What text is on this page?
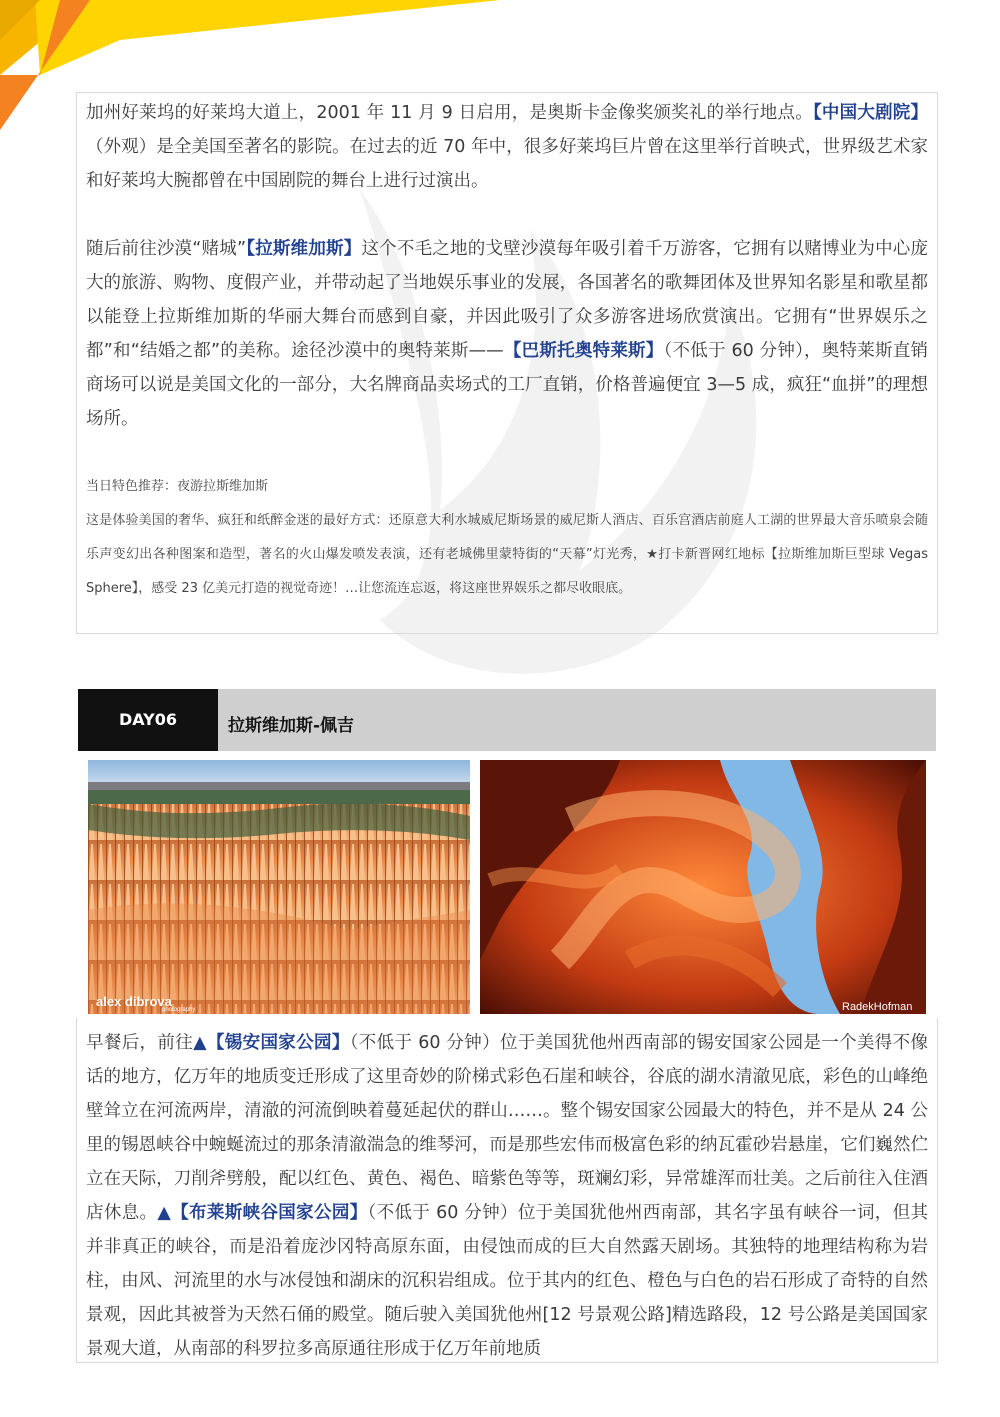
加州好莱坞的好莱坞大道上，2001 年 11 月 9 日启用，是奥斯卡金像奖颁奖礼的举行地点。【中国大剧院】（外观）是全美国至著名的影院。在过去的近 70 年中，很多好莱坞巨片曾在这里举行首映式，世界级艺术家和好莱坞大腕都曾在中国剧院的舞台上进行过演出。

随后前往沙漠“赌城”【拉斯维加斯】这个不毛之地的戈壁沙漠每年吸引着千万游客，它拥有以赌博业为中心庞大的旅游、购物、度假产业，并带动起了当地娱乐事业的发展，各国著名的歌舞团体及世界知名影星和歌星都以能登上拉斯维加斯的华丽大舞台而感到自豪，并因此吸引了众多游客进场欣赏演出。它拥有“世界娱乐之都”和“结婚之都”的美称。途径沙漠中的奥特莱斯——【巴斯托奥特莱斯】（不低于 60 分钟），奥特莱斯直销商场可以说是美国文化的一部分，大名牌商品卖场式的工厂直销，价格普遍便宜 3—5 成，疯狂“血拼”的理想场所。

当日特色推荐：夜游拉斯维加斯

这是体验美国的奢华、疯狂和纸醉金迷的最好方式：还原意大利水城威尼斯场景的威尼斯人酒店、百乐宫酒店前庭人工湖的世界最大音乐喷泉会随乐声变幻出各种图案和造型，著名的火山爆发喷发表演，还有老城佛里蒙特街的“天幕”灯光秀，★打卡新晋网红地标【拉斯维加斯巨型球 Vegas Sphere】，感受 23 亿美元打造的视觉奇迹！…让您流连忘返，将这座世界娱乐之都尽收眼底。

DAY06	拉斯维加斯-佩吉
alex dibrova
photography	RadekHofman

早餐后，前往▲【锡安国家公园】（不低于 60 分钟）位于美国犹他州西南部的锡安国家公园是一个美得不像话的地方，亿万年的地质变迁形成了这里奇妙的阶梯式彩色石崖和峡谷，谷底的湖水清澈见底，彩色的山峰绝壁耸立在河流两岸，清澈的河流倒映着蔓延起伏的群山……。整个锡安国家公园最大的特色，并不是从 24 公里的锡恩峡谷中蜿蜒流过的那条清澈湍急的维琴河，而是那些宏伟而极富色彩的纳瓦霍砂岩悬崖，它们巍然伫立在天际，刀削斧劈般，配以红色、黄色、褐色、暗紫色等等，斑斓幻彩，异常雄浑而壮美。之后前往入住酒店休息。▲【布莱斯峡谷国家公园】（不低于 60 分钟）位于美国犹他州西南部，其名字虽有峡谷一词，但其并非真正的峡谷，而是沿着庞沙冈特高原东面，由侵蚀而成的巨大自然露天剧场。其独特的地理结构称为岩柱，由风、河流里的水与冰侵蚀和湖床的沉积岩组成。位于其内的红色、橙色与白色的岩石形成了奇特的自然景观，因此其被誉为天然石俑的殿堂。随后驶入美国犹他州[12 号景观公路]精选路段，12 号公路是美国国家景观大道，从南部的科罗拉多高原通往形成于亿万年前地质
